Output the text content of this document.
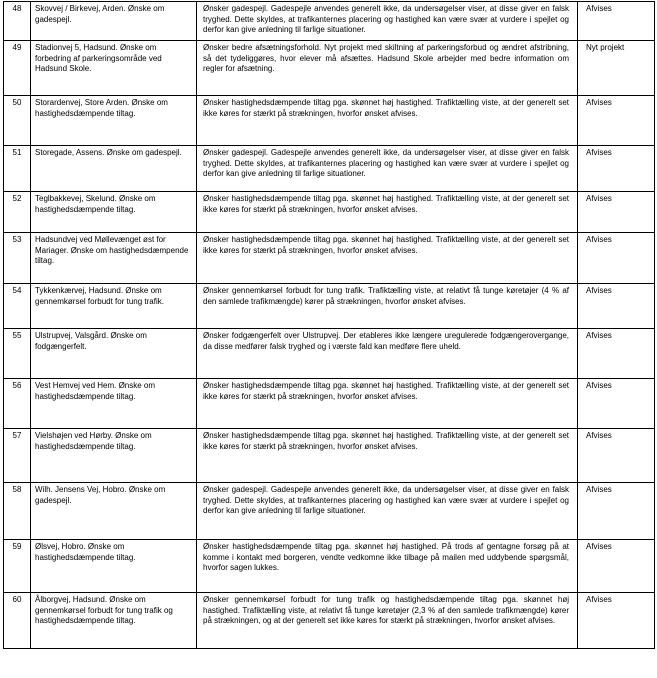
48	Skovvej / Birkevej, Arden. Ønske om gadespejl.	Ønsker gadespejl. Gadespejle anvendes generelt ikke, da undersøgelser viser, at disse giver en falsk tryghed. Dette skyldes, at trafikanternes placering og hastighed kan være svær at vurdere i spejlet og derfor kan give anledning til farlige situationer.	Afvises
49	Stadionvej 5, Hadsund. Ønske om forbedring af parkeringsområde ved Hadsund Skole.	Ønsker bedre afsætningsforhold. Nyt projekt med skiltning af parkeringsforbud og ændret afstribning, så det tydeliggøres, hvor elever må afsættes. Hadsund Skole arbejder med bedre information om regler for afsætning.	Nyt projekt
50	Storardenvej, Store Arden. Ønske om hastighedsdæmpende tiltag.	Ønsker hastighedsdæmpende tiltag pga. skønnet høj hastighed. Trafiktælling viste, at der generelt set ikke køres for stærkt på strækningen, hvorfor ønsket afvises.	Afvises
51	Storegade, Assens. Ønske om gadespejl.	Ønsker gadespejl. Gadespejle anvendes generelt ikke, da undersøgelser viser, at disse giver en falsk tryghed. Dette skyldes, at trafikanternes placering og hastighed kan være svær at vurdere i spejlet og derfor kan give anledning til farlige situationer.	Afvises
52	Teglbakkevej, Skelund. Ønske om hastighedsdæmpende tiltag.	Ønsker hastighedsdæmpende tiltag pga. skønnet høj hastighed. Trafiktælling viste, at der generelt set ikke køres for stærkt på strækningen, hvorfor ønsket afvises.	Afvises
53	Hadsundvej ved Møllevænget øst for Mariager. Ønske om hastighedsdæmpende tiltag.	Ønsker hastighedsdæmpende tiltag pga. skønnet høj hastighed. Trafiktælling viste, at der generelt set ikke køres for stærkt på strækningen, hvorfor ønsket afvises.	Afvises
54	Tykkenkærvej, Hadsund. Ønske om gennemkørsel forbudt for tung trafik.	Ønsker gennemkørsel forbudt for tung trafik. Trafiktælling viste, at relativt få tunge køretøjer (4 % af den samlede trafikmængde) kører på strækningen, hvorfor ønsket afvises.	Afvises
55	Ulstrupvej, Valsgård. Ønske om fodgængerfelt.	Ønsker fodgængerfelt over Ulstrupvej. Der etableres ikke længere uregulerede fodgængerovergange, da disse medfører falsk tryghed og i værste fald kan medføre flere uheld.	Afvises
56	Vest Hemvej ved Hem. Ønske om hastighedsdæmpende tiltag.	Ønsker hastighedsdæmpende tiltag pga. skønnet høj hastighed. Trafiktælling viste, at der generelt set ikke køres for stærkt på strækningen, hvorfor ønsket afvises.	Afvises
57	Vielshøjen ved Hørby. Ønske om hastighedsdæmpende tiltag.	Ønsker hastighedsdæmpende tiltag pga. skønnet høj hastighed. Trafiktælling viste, at der generelt set ikke køres for stærkt på strækningen, hvorfor ønsket afvises.	Afvises
58	Wilh. Jensens Vej, Hobro. Ønske om gadespejl.	Ønsker gadespejl. Gadespejle anvendes generelt ikke, da undersøgelser viser, at disse giver en falsk tryghed. Dette skyldes, at trafikanternes placering og hastighed kan være svær at vurdere i spejlet og derfor kan give anledning til farlige situationer.	Afvises
59	Ølsvej, Hobro. Ønske om hastighedsdæmpende tiltag.	Ønsker hastighedsdæmpende tiltag pga. skønnet høj hastighed. På trods af gentagne forsøg på at komme i kontakt med borgeren, vendte vedkomne ikke tilbage på mailen med uddybende spørgsmål, hvorfor sagen lukkes.	Afvises
60	Ålborgvej, Hadsund. Ønske om gennemkørsel forbudt for tung trafik og hastighedsdæmpende tiltag.	Ønsker gennemkørsel forbudt for tung trafik og hastighedsdæmpende tiltag pga. skønnet høj hastighed. Trafiktælling viste, at relativt få tunge køretøjer (2,3 % af den samlede trafikmængde) kører på strækningen, og at der generelt set ikke køres for stærkt på strækningen, hvorfor ønsket afvises.	Afvises
